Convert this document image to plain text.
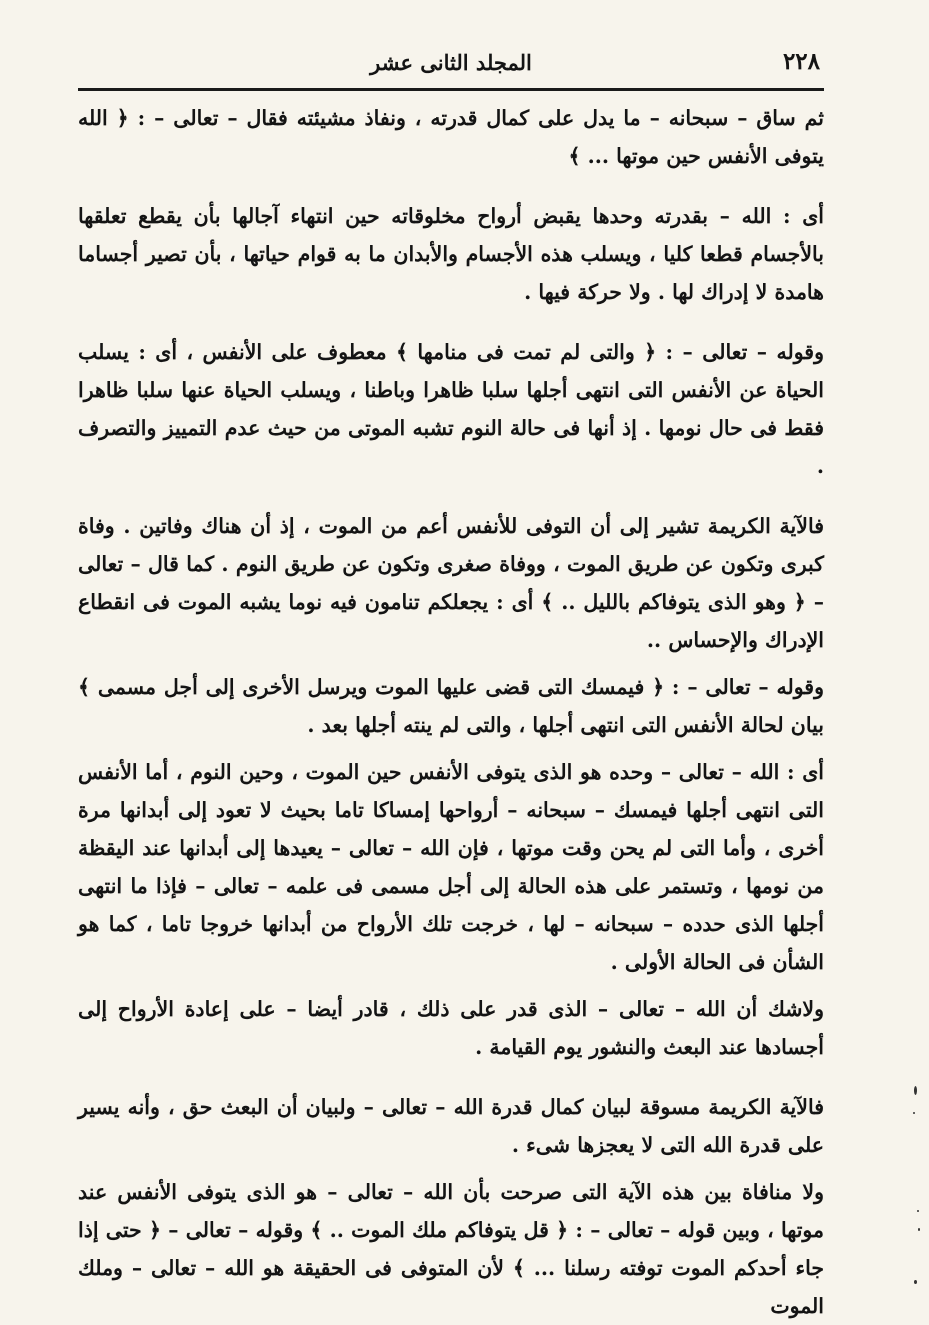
٢٢٨
المجلد الثانى عشر

ثم ساق – سبحانه – ما يدل على كمال قدرته ، ونفاذ مشيئته فقال – تعالى – : ﴿ الله يتوفى الأنفس حين موتها ... ﴾

أى : الله – بقدرته وحدها يقبض أرواح مخلوقاته حين انتهاء آجالها بأن يقطع تعلقها بالأجسام قطعا كليا ، ويسلب هذه الأجسام والأبدان ما به قوام حياتها ، بأن تصير أجساما هامدة لا إدراك لها . ولا حركة فيها .

وقوله – تعالى – : ﴿ والتى لم تمت فى منامها ﴾ معطوف على الأنفس ، أى : يسلب الحياة عن الأنفس التى انتهى أجلها سلبا ظاهرا وباطنا ، ويسلب الحياة عنها سلبا ظاهرا فقط فى حال نومها . إذ أنها فى حالة النوم تشبه الموتى من حيث عدم التمييز والتصرف .

فالآية الكريمة تشير إلى أن التوفى للأنفس أعم من الموت ، إذ أن هناك وفاتين . وفاة كبرى وتكون عن طريق الموت ، ووفاة صغرى وتكون عن طريق النوم . كما قال – تعالى – ﴿ وهو الذى يتوفاكم بالليل .. ﴾ أى : يجعلكم تنامون فيه نوما يشبه الموت فى انقطاع الإدراك والإحساس ..

وقوله – تعالى – : ﴿ فيمسك التى قضى عليها الموت ويرسل الأخرى إلى أجل مسمى ﴾ بيان لحالة الأنفس التى انتهى أجلها ، والتى لم ينته أجلها بعد .

أى : الله – تعالى – وحده هو الذى يتوفى الأنفس حين الموت ، وحين النوم ، أما الأنفس التى انتهى أجلها فيمسك – سبحانه – أرواحها إمساكا تاما بحيث لا تعود إلى أبدانها مرة أخرى ، وأما التى لم يحن وقت موتها ، فإن الله – تعالى – يعيدها إلى أبدانها عند اليقظة من نومها ، وتستمر على هذه الحالة إلى أجل مسمى فى علمه – تعالى – فإذا ما انتهى أجلها الذى حدده – سبحانه – لها ، خرجت تلك الأرواح من أبدانها خروجا تاما ، كما هو الشأن فى الحالة الأولى .

ولاشك أن الله – تعالى – الذى قدر على ذلك ، قادر أيضا – على إعادة الأرواح إلى أجسادها عند البعث والنشور يوم القيامة .

فالآية الكريمة مسوقة لبيان كمال قدرة الله – تعالى – ولبيان أن البعث حق ، وأنه يسير على قدرة الله التى لا يعجزها شىء .

ولا منافاة بين هذه الآية التى صرحت بأن الله – تعالى – هو الذى يتوفى الأنفس عند موتها ، وبين قوله – تعالى – : ﴿ قل يتوفاكم ملك الموت .. ﴾ وقوله – تعالى – ﴿ حتى إذا جاء أحدكم الموت توفته رسلنا ... ﴾ لأن المتوفى فى الحقيقة هو الله – تعالى – وملك الموت
